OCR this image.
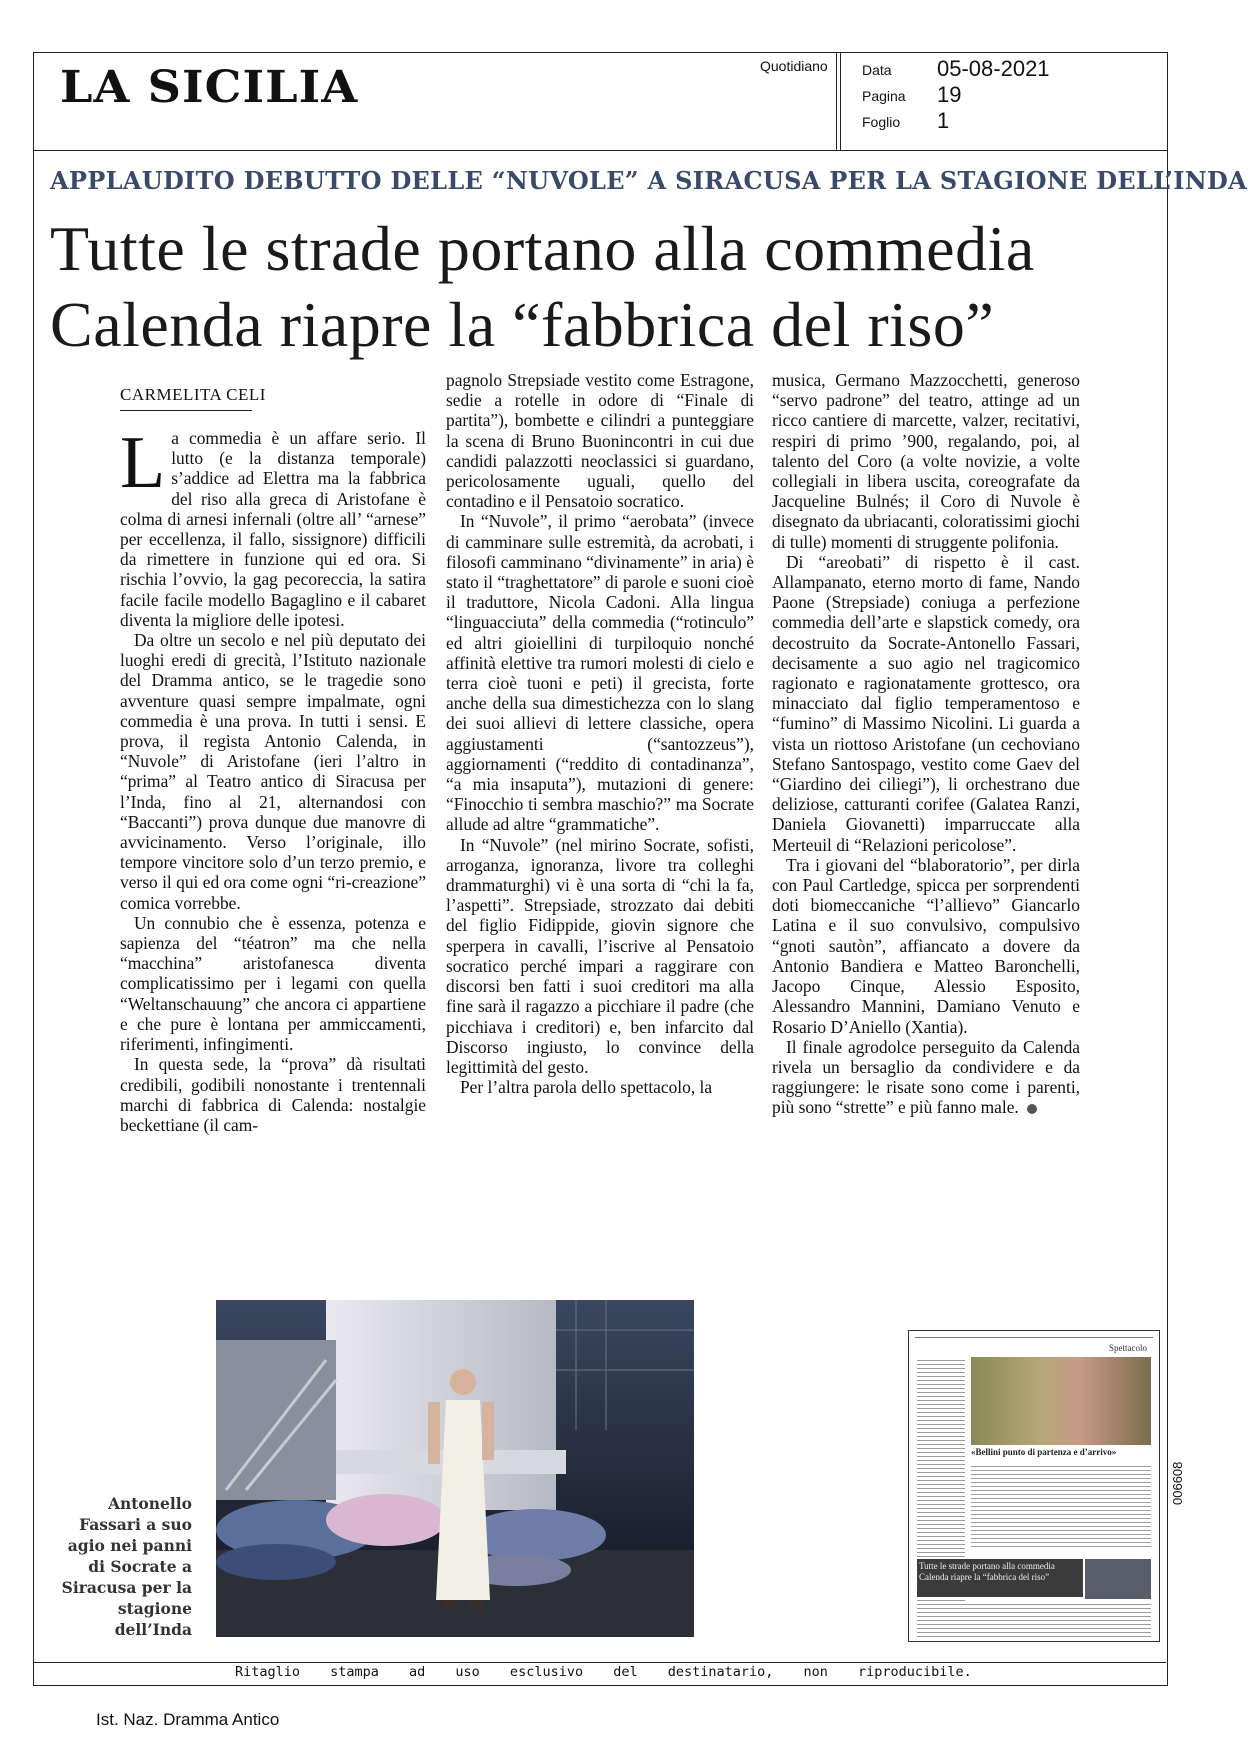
LA SICILIA	Quotidiano Data 05-08-2021
Pagina 19
Foglio 1
APPLAUDITO DEBUTTO DELLE “NUVOLE” A SIRACUSA PER LA STAGIONE DELL’INDA
Tutte le strade portano alla commedia
Calenda riapre la “fabbrica del riso”
CARMELITA CELI

La commedia è un affare serio. Il lutto (e la distanza temporale) s’addice ad Elettra ma la fabbrica del riso alla greca di Aristofane è colma di arnesi infernali (oltre all’ “arnese” per eccellenza, il fallo, sissignore) difficili da rimettere in funzione qui ed ora. Si rischia l’ovvio, la gag pecoreccia, la satira facile facile modello Bagaglino e il cabaret diventa la migliore delle ipotesi.

Da oltre un secolo e nel più deputato dei luoghi eredi di grecità, l’Istituto nazionale del Dramma antico, se le tragedie sono avventure quasi sempre impalmate, ogni commedia è una prova. In tutti i sensi. E prova, il regista Antonio Calenda, in “Nuvole” di Aristofane (ieri l’altro in “prima” al Teatro antico di Siracusa per l’Inda, fino al 21, alternandosi con “Baccanti”) prova dunque due manovre di avvicinamento. Verso l’originale, illo tempore vincitore solo d’un terzo premio, e verso il qui ed ora come ogni “ri-creazione” comica vorrebbe.

Un connubio che è essenza, potenza e sapienza del “téatron” ma che nella “macchina” aristofanesca diventa complicatissimo per i legami con quella “Weltanschauung” che ancora ci appartiene e che pure è lontana per ammiccamenti, riferimenti, infingimenti.

In questa sede, la “prova” dà risultati credibili, godibili nonostante i trentennali marchi di fabbrica di Calenda: nostalgie beckettiane (il cam-

pagnolo Strepsiade vestito come Estragone, sedie a rotelle in odore di “Finale di partita”), bombette e cilindri a punteggiare la scena di Bruno Buonincontri in cui due candidi palazzotti neoclassici si guardano, pericolosamente uguali, quello del contadino e il Pensatoio socratico.

In “Nuvole”, il primo “aerobata” (invece di camminare sulle estremità, da acrobati, i filosofi camminano “divinamente” in aria) è stato il “traghettatore” di parole e suoni cioè il traduttore, Nicola Cadoni. Alla lingua “linguacciuta” della commedia (“rotinculo” ed altri gioiellini di turpiloquio nonché affinità elettive tra rumori molesti di cielo e terra cioè tuoni e peti) il grecista, forte anche della sua dimestichezza con lo slang dei suoi allievi di lettere classiche, opera aggiustamenti (“santozzeus”), aggiornamenti (“reddito di contadinanza”, “a mia insaputa”), mutazioni di genere: “Finocchio ti sembra maschio?” ma Socrate allude ad altre “grammatiche”.

In “Nuvole” (nel mirino Socrate, sofisti, arroganza, ignoranza, livore tra colleghi drammaturghi) vi è una sorta di “chi la fa, l’aspetti”. Strepsiade, strozzato dai debiti del figlio Fidippide, giovin signore che sperpera in cavalli, l’iscrive al Pensatoio socratico perché impari a raggirare con discorsi ben fatti i suoi creditori ma alla fine sarà il ragazzo a picchiare il padre (che picchiava i creditori) e, ben infarcito dal Discorso ingiusto, lo convince della legittimità del gesto.

Per l’altra parola dello spettacolo, la

musica, Germano Mazzocchetti, generoso “servo padrone” del teatro, attinge ad un ricco cantiere di marcette, valzer, recitativi, respiri di primo ’900, regalando, poi, al talento del Coro (a volte novizie, a volte collegiali in libera uscita, coreografate da Jacqueline Bulnés; il Coro di Nuvole è disegnato da ubriacanti, coloratissimi giochi di tulle) momenti di struggente polifonia.

Di “areobati” di rispetto è il cast. Allampanato, eterno morto di fame, Nando Paone (Strepsiade) coniuga a perfezione commedia dell’arte e slapstick comedy, ora decostruito da Socrate-Antonello Fassari, decisamente a suo agio nel tragicomico ragionato e ragionatamente grottesco, ora minacciato dal figlio temperamentoso e “fumino” di Massimo Nicolini. Li guarda a vista un riottoso Aristofane (un cechoviano Stefano Santospago, vestito come Gaev del “Giardino dei ciliegi”), li orchestrano due deliziose, catturanti corifee (Galatea Ranzi, Daniela Giovanetti) imparruccate alla Merteuil di “Relazioni pericolose”.

Tra i giovani del “blaboratorio”, per dirla con Paul Cartledge, spicca per sorprendenti doti biomeccaniche “l’allievo” Giancarlo Latina e il suo convulsivo, compulsivo “gnoti sautòn”, affiancato a dovere da Antonio Bandiera e Matteo Baronchelli, Jacopo Cinque, Alessio Esposito, Alessandro Mannini, Damiano Venuto e Rosario D’Aniello (Xantia).

Il finale agrodolce perseguito da Calenda rivela un bersaglio da condividere e da raggiungere: le risate sono come i parenti, più sono “strette” e più fanno male.

Antonello Fassari a suo agio nei panni di Socrate a Siracusa per la stagione dell’Inda
Spettacolo
«Bellini punto di partenza e d’arrivo»
Tutte le strade portano alla commedia Calenda riapre la “fabbrica del riso”
006608
Ritaglio stampa ad uso esclusivo del destinatario, non riproducibile.
Ist. Naz. Dramma Antico
